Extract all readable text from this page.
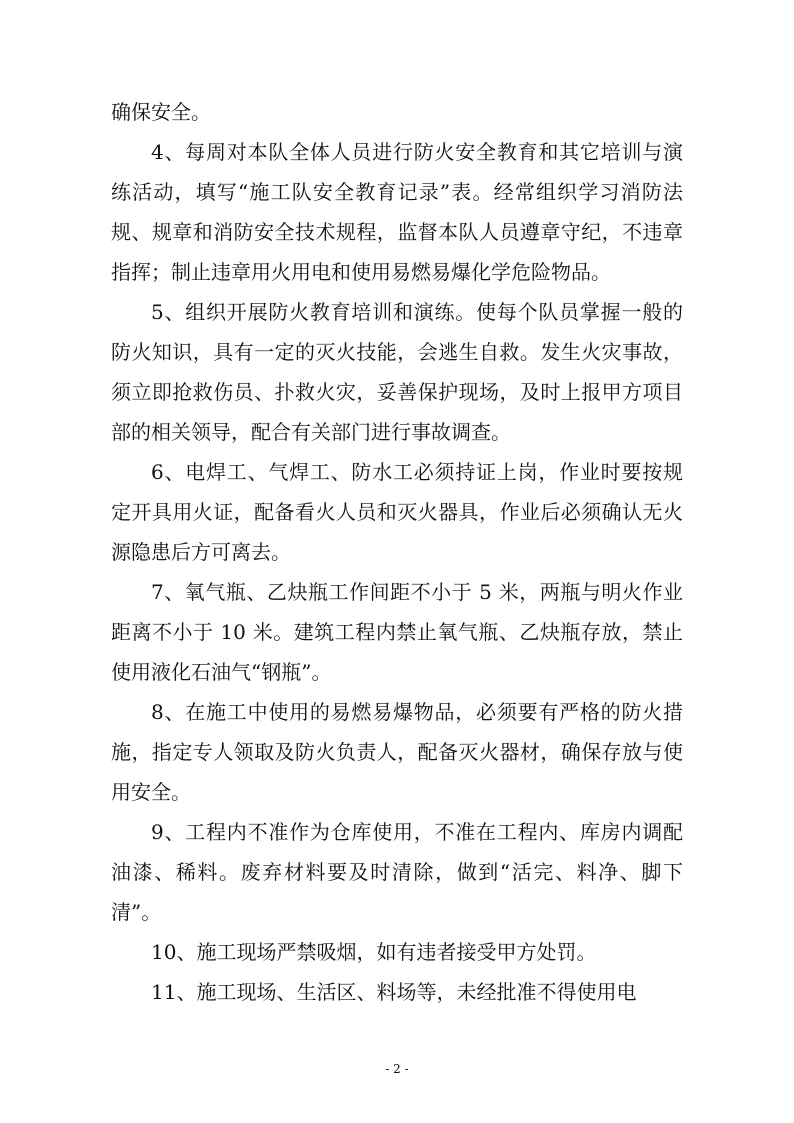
确保安全。

4、每周对本队全体人员进行防火安全教育和其它培训与演练活动，填写“施工队安全教育记录”表。经常组织学习消防法规、规章和消防安全技术规程，监督本队人员遵章守纪，不违章指挥；制止违章用火用电和使用易燃易爆化学危险物品。

5、组织开展防火教育培训和演练。使每个队员掌握一般的防火知识，具有一定的灭火技能，会逃生自救。发生火灾事故，须立即抢救伤员、扑救火灾，妥善保护现场，及时上报甲方项目部的相关领导，配合有关部门进行事故调查。

6、电焊工、气焊工、防水工必须持证上岗，作业时要按规定开具用火证，配备看火人员和灭火器具，作业后必须确认无火源隐患后方可离去。

7、氧气瓶、乙炔瓶工作间距不小于 5 米，两瓶与明火作业距离不小于 10 米。建筑工程内禁止氧气瓶、乙炔瓶存放，禁止使用液化石油气“钢瓶”。

8、在施工中使用的易燃易爆物品，必须要有严格的防火措施，指定专人领取及防火负责人，配备灭火器材，确保存放与使用安全。

9、工程内不准作为仓库使用，不准在工程内、库房内调配油漆、稀料。废弃材料要及时清除，做到“活完、料净、脚下清”。

10、施工现场严禁吸烟，如有违者接受甲方处罚。

11、施工现场、生活区、料场等，未经批准不得使用电

- 2 -
